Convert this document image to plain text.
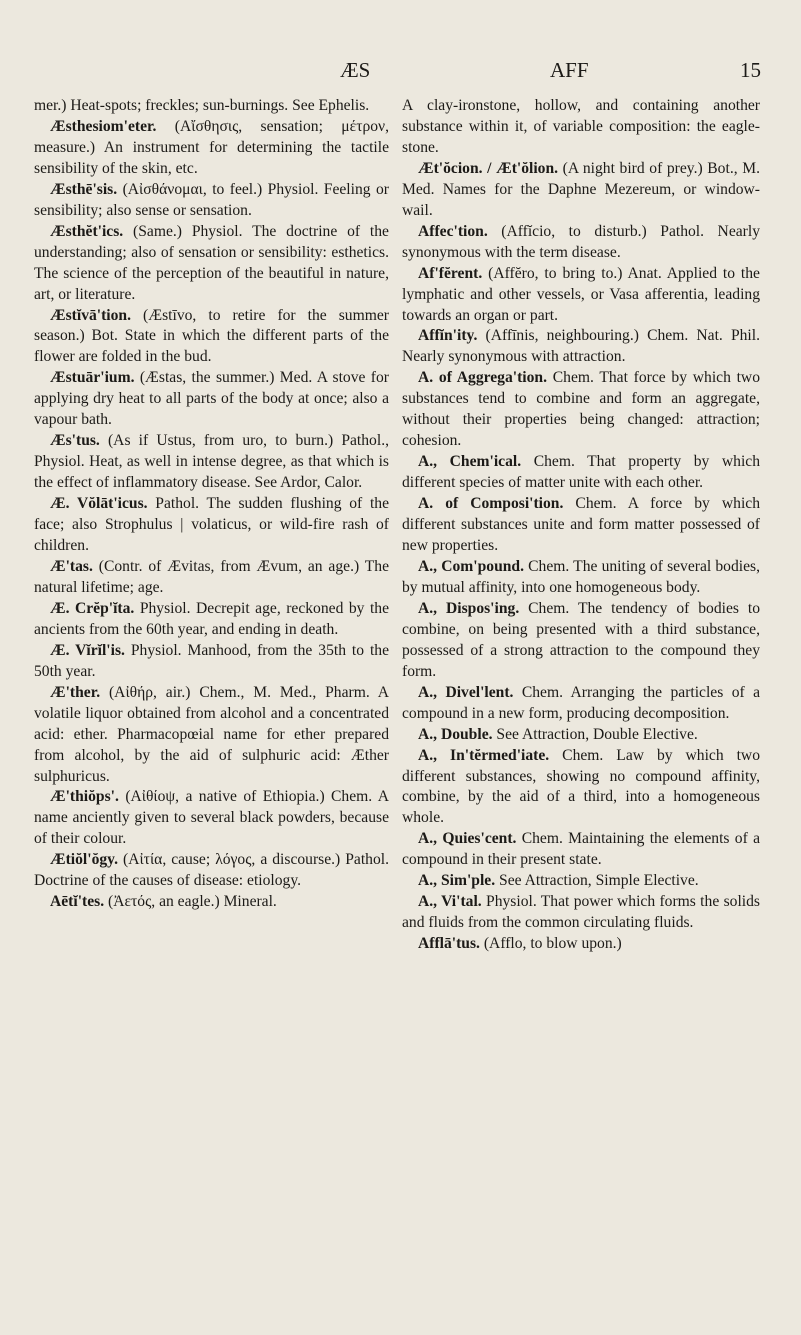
ÆS	AFF	15

mer.) Heat-spots; freckles; sun-burnings. See Ephelis.

Æsthesiom'eter. (Αἴσθησις, sensation; μέτρον, measure.) An instrument for determining the tactile sensibility of the skin, etc.

Æsthē'sis. (Αἰσθάνομαι, to feel.) Physiol. Feeling or sensibility; also sense or sensation.

Æsthĕt'ics. (Same.) Physiol. The doctrine of the understanding; also of sensation or sensibility: esthetics. The science of the perception of the beautiful in nature, art, or literature.

Æstĭvā'tion. (Æstīvo, to retire for the summer season.) Bot. State in which the different parts of the flower are folded in the bud.

Æstuār'ium. (Æstas, the summer.) Med. A stove for applying dry heat to all parts of the body at once; also a vapour bath.

Æs'tus. (As if Ustus, from uro, to burn.) Pathol., Physiol. Heat, as well in intense degree, as that which is the effect of inflammatory disease. See Ardor, Calor.

Æ. Vŏlāt'icus. Pathol. The sudden flushing of the face; also Strophulus | volaticus, or wild-fire rash of children.

Æ'tas. (Contr. of Ævitas, from Ævum, an age.) The natural lifetime; age.

Æ. Crĕp'ĭta. Physiol. Decrepit age, reckoned by the ancients from the 60th year, and ending in death.

Æ. Vĭrĭl'is. Physiol. Manhood, from the 35th to the 50th year.

Æ'ther. (Αἰθήρ, air.) Chem., M. Med., Pharm. A volatile liquor obtained from alcohol and a concentrated acid: ether. Pharmacopœial name for ether prepared from alcohol, by the aid of sulphuric acid: Æther sulphuricus.

Æ'thiŏps'. (Αἰθίοψ, a native of Ethiopia.) Chem. A name anciently given to several black powders, because of their colour.

Ætiŏl'ŏgy. (Αἰτία, cause; λόγος, a discourse.) Pathol. Doctrine of the causes of disease: etiology.

Aētĭ'tes. (Ἀετός, an eagle.) Mineral.

A clay-ironstone, hollow, and containing another substance within it, of variable composition: the eagle-stone.

Æt'ŏcion. / Æt'ŏlion. (A night bird of prey.) Bot., M. Med. Names for the Daphne Mezereum, or window-wail.

Affec'tion. (Affĭcio, to disturb.) Pathol. Nearly synonymous with the term disease.

Af'fĕrent. (Affĕro, to bring to.) Anat. Applied to the lymphatic and other vessels, or Vasa afferentia, leading towards an organ or part.

Affĭn'ity. (Affīnis, neighbouring.) Chem. Nat. Phil. Nearly synonymous with attraction.

A. of Aggrega'tion. Chem. That force by which two substances tend to combine and form an aggregate, without their properties being changed: attraction; cohesion.

A., Chem'ical. Chem. That property by which different species of matter unite with each other.

A. of Composi'tion. Chem. A force by which different substances unite and form matter possessed of new properties.

A., Com'pound. Chem. The uniting of several bodies, by mutual affinity, into one homogeneous body.

A., Dispos'ing. Chem. The tendency of bodies to combine, on being presented with a third substance, possessed of a strong attraction to the compound they form.

A., Divel'lent. Chem. Arranging the particles of a compound in a new form, producing decomposition.

A., Double. See Attraction, Double Elective.

A., In'tĕrmed'iate. Chem. Law by which two different substances, showing no compound affinity, combine, by the aid of a third, into a homogeneous whole.

A., Quies'cent. Chem. Maintaining the elements of a compound in their present state.

A., Sim'ple. See Attraction, Simple Elective.

A., Vi'tal. Physiol. That power which forms the solids and fluids from the common circulating fluids.

Afflā'tus. (Afflo, to blow upon.)
